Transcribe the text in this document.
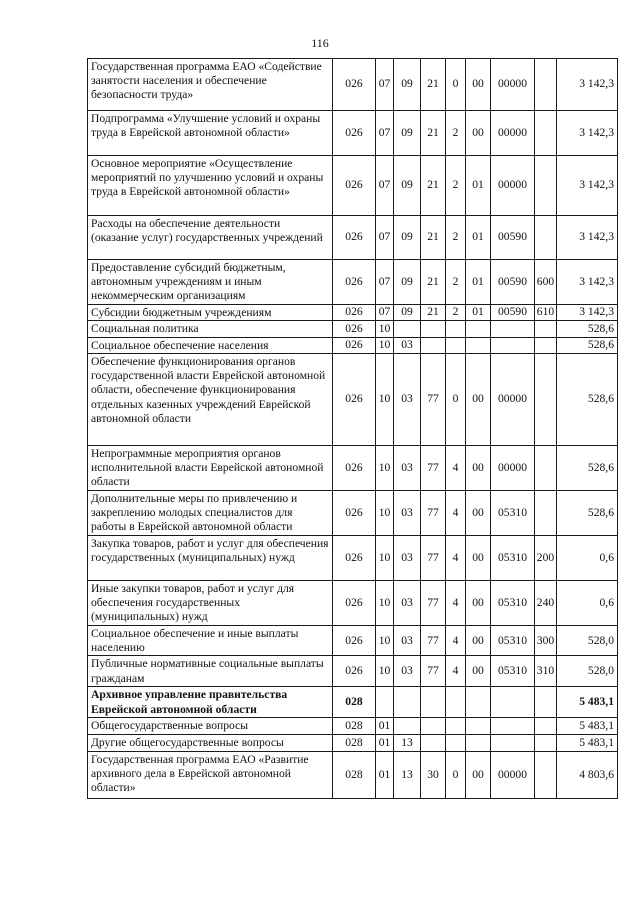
116
Государственная программа ЕАО «Содействие занятости населения и обеспечение безопасности труда»	026	07	09	21	0	00	00000		3 142,3
Подпрограмма «Улучшение условий и охраны труда в Еврейской автономной области»	026	07	09	21	2	00	00000		3 142,3
Основное мероприятие «Осуществление мероприятий по улучшению условий и охраны труда в Еврейской автономной области»	026	07	09	21	2	01	00000		3 142,3
Расходы на обеспечение деятельности (оказание услуг) государственных учреждений	026	07	09	21	2	01	00590		3 142,3
Предоставление субсидий бюджетным, автономным учреждениям и иным некоммерческим организациям	026	07	09	21	2	01	00590	600	3 142,3
Субсидии бюджетным учреждениям	026	07	09	21	2	01	00590	610	3 142,3
Социальная политика	026	10							528,6
Социальное обеспечение населения	026	10	03						528,6
Обеспечение функционирования органов государственной власти Еврейской автономной области, обеспечение функционирования отдельных казенных учреждений Еврейской автономной области	026	10	03	77	0	00	00000		528,6
Непрограммные мероприятия органов исполнительной власти Еврейской автономной области	026	10	03	77	4	00	00000		528,6
Дополнительные меры по привлечению и закреплению молодых специалистов для работы в Еврейской автономной области	026	10	03	77	4	00	05310		528,6
Закупка товаров, работ и услуг для обеспечения государственных (муниципальных) нужд	026	10	03	77	4	00	05310	200	0,6
Иные закупки товаров, работ и услуг для обеспечения государственных (муниципальных) нужд	026	10	03	77	4	00	05310	240	0,6
Социальное обеспечение и иные выплаты населению	026	10	03	77	4	00	05310	300	528,0
Публичные нормативные социальные выплаты гражданам	026	10	03	77	4	00	05310	310	528,0
Архивное управление правительства Еврейской автономной области	028								5 483,1
Общегосударственные вопросы	028	01							5 483,1
Другие общегосударственные вопросы	028	01	13						5 483,1
Государственная программа ЕАО «Развитие архивного дела в Еврейской автономной области»	028	01	13	30	0	00	00000		4 803,6
